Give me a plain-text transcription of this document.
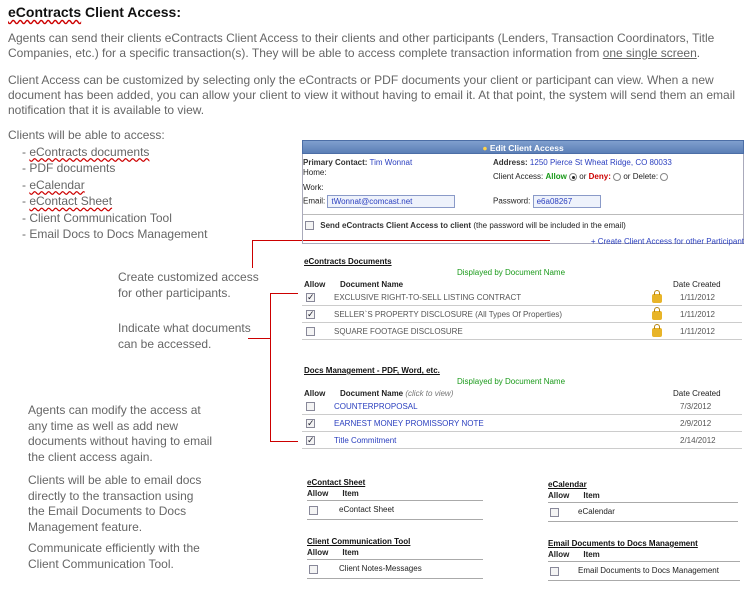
eContracts Client Access:
Agents can send their clients eContracts Client Access to their clients and other participants (Lenders, Transaction Coordinators, Title Companies, etc.) for a specific transaction(s). They will be able to access complete transaction information from one single screen.
Client Access can be customized by selecting only the eContracts or PDF documents your client or participant can view. When a new document has been added, you can allow your client to view it without having to email it. At that point, the system will send them an email notification that it is available to view.
Clients will be able to access:
- eContracts documents
- PDF documents
- eCalendar
- eContact Sheet
- Client Communication Tool
- Email Docs to Docs Management
Create customized access for other participants.
Indicate what documents can be accessed.
Agents can modify the access at any time as well as add new documents without having to email the client access again.
Clients will be able to email docs directly to the transaction using the Email Documents to Docs Management feature.
Communicate efficiently with the Client Communication Tool.
● Edit Client Access
Primary Contact: Tim Wonnat
Home:
Work:
Email: tWonnat@comcast.net
Address: 1250 Pierce St Wheat Ridge, CO 80033
Client Access: Allow or Deny: or Delete:
Password: e6a08267
Send eContracts Client Access to client (the password will be included in the email)
+ Create Client Access for other Participant
eContracts Documents
Displayed by Document Name
Allow Document Name	Date Created
✓
EXCLUSIVE RIGHT-TO-SELL LISTING CONTRACT	1/11/2012
✓
SELLER`S PROPERTY DISCLOSURE (All Types Of Properties)	1/11/2012
SQUARE FOOTAGE DISCLOSURE	1/11/2012
Docs Management - PDF, Word, etc.
Displayed by Document Name
Allow Document Name (click to view)	Date Created
COUNTERPROPOSAL	7/3/2012
✓
EARNEST MONEY PROMISSORY NOTE	2/9/2012
✓
Title Commitment	2/14/2012
eContact Sheet
Allow Item
eContact Sheet
eCalendar
Allow Item
eCalendar
Client Communication Tool
Allow Item
Client Notes-Messages
Email Documents to Docs Management
Allow Item
Email Documents to Docs Management
